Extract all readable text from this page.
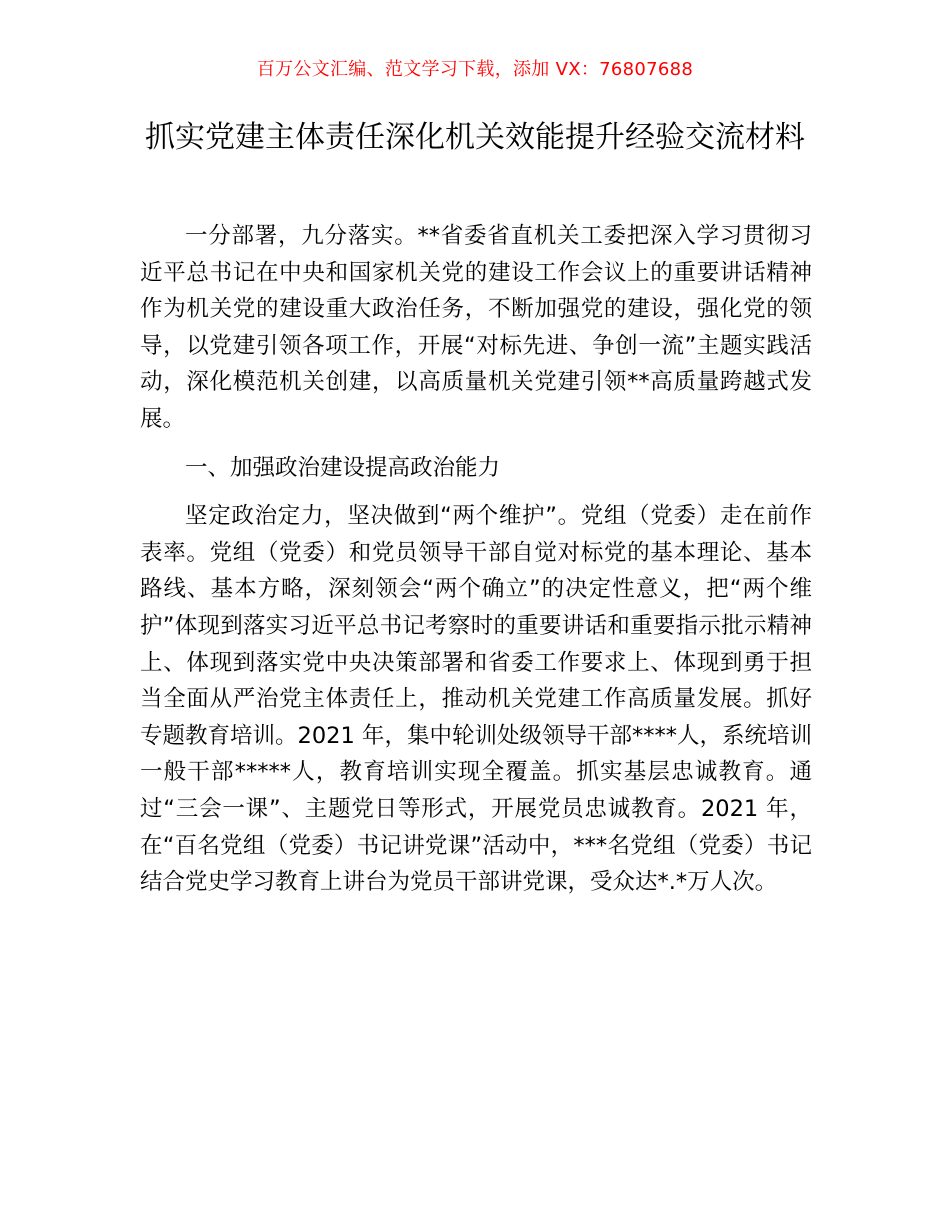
百万公文汇编、范文学习下载，添加 VX：76807688
抓实党建主体责任深化机关效能提升经验交流材料

一分部署，九分落实。**省委省直机关工委把深入学习贯彻习近平总书记在中央和国家机关党的建设工作会议上的重要讲话精神作为机关党的建设重大政治任务，不断加强党的建设，强化党的领导，以党建引领各项工作，开展“对标先进、争创一流”主题实践活动，深化模范机关创建，以高质量机关党建引领**高质量跨越式发展。

一、加强政治建设提高政治能力

坚定政治定力，坚决做到“两个维护”。党组（党委）走在前作表率。党组（党委）和党员领导干部自觉对标党的基本理论、基本路线、基本方略，深刻领会“两个确立”的决定性意义，把“两个维护”体现到落实习近平总书记考察时的重要讲话和重要指示批示精神上、体现到落实党中央决策部署和省委工作要求上、体现到勇于担当全面从严治党主体责任上，推动机关党建工作高质量发展。抓好专题教育培训。2021 年，集中轮训处级领导干部****人，系统培训一般干部*****人，教育培训实现全覆盖。抓实基层忠诚教育。通过“三会一课”、主题党日等形式，开展党员忠诚教育。2021 年，在“百名党组（党委）书记讲党课”活动中，***名党组（党委）书记结合党史学习教育上讲台为党员干部讲党课，受众达*.*万人次。
